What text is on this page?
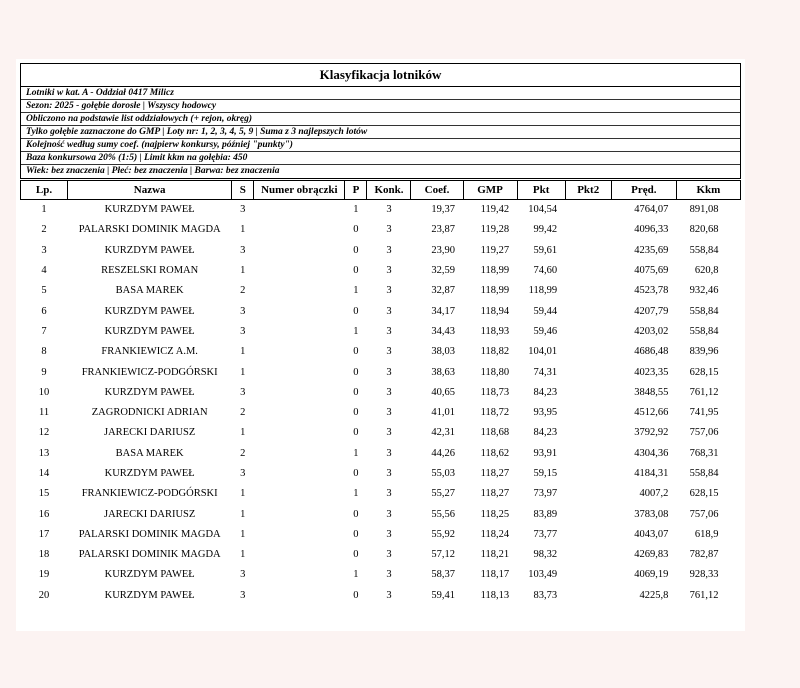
Klasyfikacja lotników
Lotniki w kat. A - Oddział 0417 Milicz
Sezon: 2025 - gołębie dorosłe | Wszyscy hodowcy
Obliczono na podstawie list oddziałowych (+ rejon, okręg)
Tylko gołębie zaznaczone do GMP | Loty nr: 1, 2, 3, 4, 5, 9 | Suma z 3 najlepszych lotów
Kolejność według sumy coef. (najpierw konkursy, później "punkty")
Baza konkursowa 20% (1:5) | Limit kkm na gołębia: 450
Wiek: bez znaczenia | Płeć: bez znaczenia | Barwa: bez znaczenia
Lp.	Nazwa	S	Numer obrączki	P	Konk.	Coef.	GMP	Pkt	Pkt2	Pręd.	Kkm
1	KURZDYM PAWEŁ	3		1	3	19,37	119,42	104,54		4764,07	891,08
2	PALARSKI DOMINIK MAGDA	1		0	3	23,87	119,28	99,42		4096,33	820,68
3	KURZDYM PAWEŁ	3		0	3	23,90	119,27	59,61		4235,69	558,84
4	RESZELSKI ROMAN	1		0	3	32,59	118,99	74,60		4075,69	620,8
5	BASA MAREK	2		1	3	32,87	118,99	118,99		4523,78	932,46
6	KURZDYM PAWEŁ	3		0	3	34,17	118,94	59,44		4207,79	558,84
7	KURZDYM PAWEŁ	3		1	3	34,43	118,93	59,46		4203,02	558,84
8	FRANKIEWICZ A.M.	1		0	3	38,03	118,82	104,01		4686,48	839,96
9	FRANKIEWICZ-PODGÓRSKI	1		0	3	38,63	118,80	74,31		4023,35	628,15
10	KURZDYM PAWEŁ	3		0	3	40,65	118,73	84,23		3848,55	761,12
11	ZAGRODNICKI ADRIAN	2		0	3	41,01	118,72	93,95		4512,66	741,95
12	JARECKI DARIUSZ	1		0	3	42,31	118,68	84,23		3792,92	757,06
13	BASA MAREK	2		1	3	44,26	118,62	93,91		4304,36	768,31
14	KURZDYM PAWEŁ	3		0	3	55,03	118,27	59,15		4184,31	558,84
15	FRANKIEWICZ-PODGÓRSKI	1		1	3	55,27	118,27	73,97		4007,2	628,15
16	JARECKI DARIUSZ	1		0	3	55,56	118,25	83,89		3783,08	757,06
17	PALARSKI DOMINIK MAGDA	1		0	3	55,92	118,24	73,77		4043,07	618,9
18	PALARSKI DOMINIK MAGDA	1		0	3	57,12	118,21	98,32		4269,83	782,87
19	KURZDYM PAWEŁ	3		1	3	58,37	118,17	103,49		4069,19	928,33
20	KURZDYM PAWEŁ	3		0	3	59,41	118,13	83,73		4225,8	761,12
